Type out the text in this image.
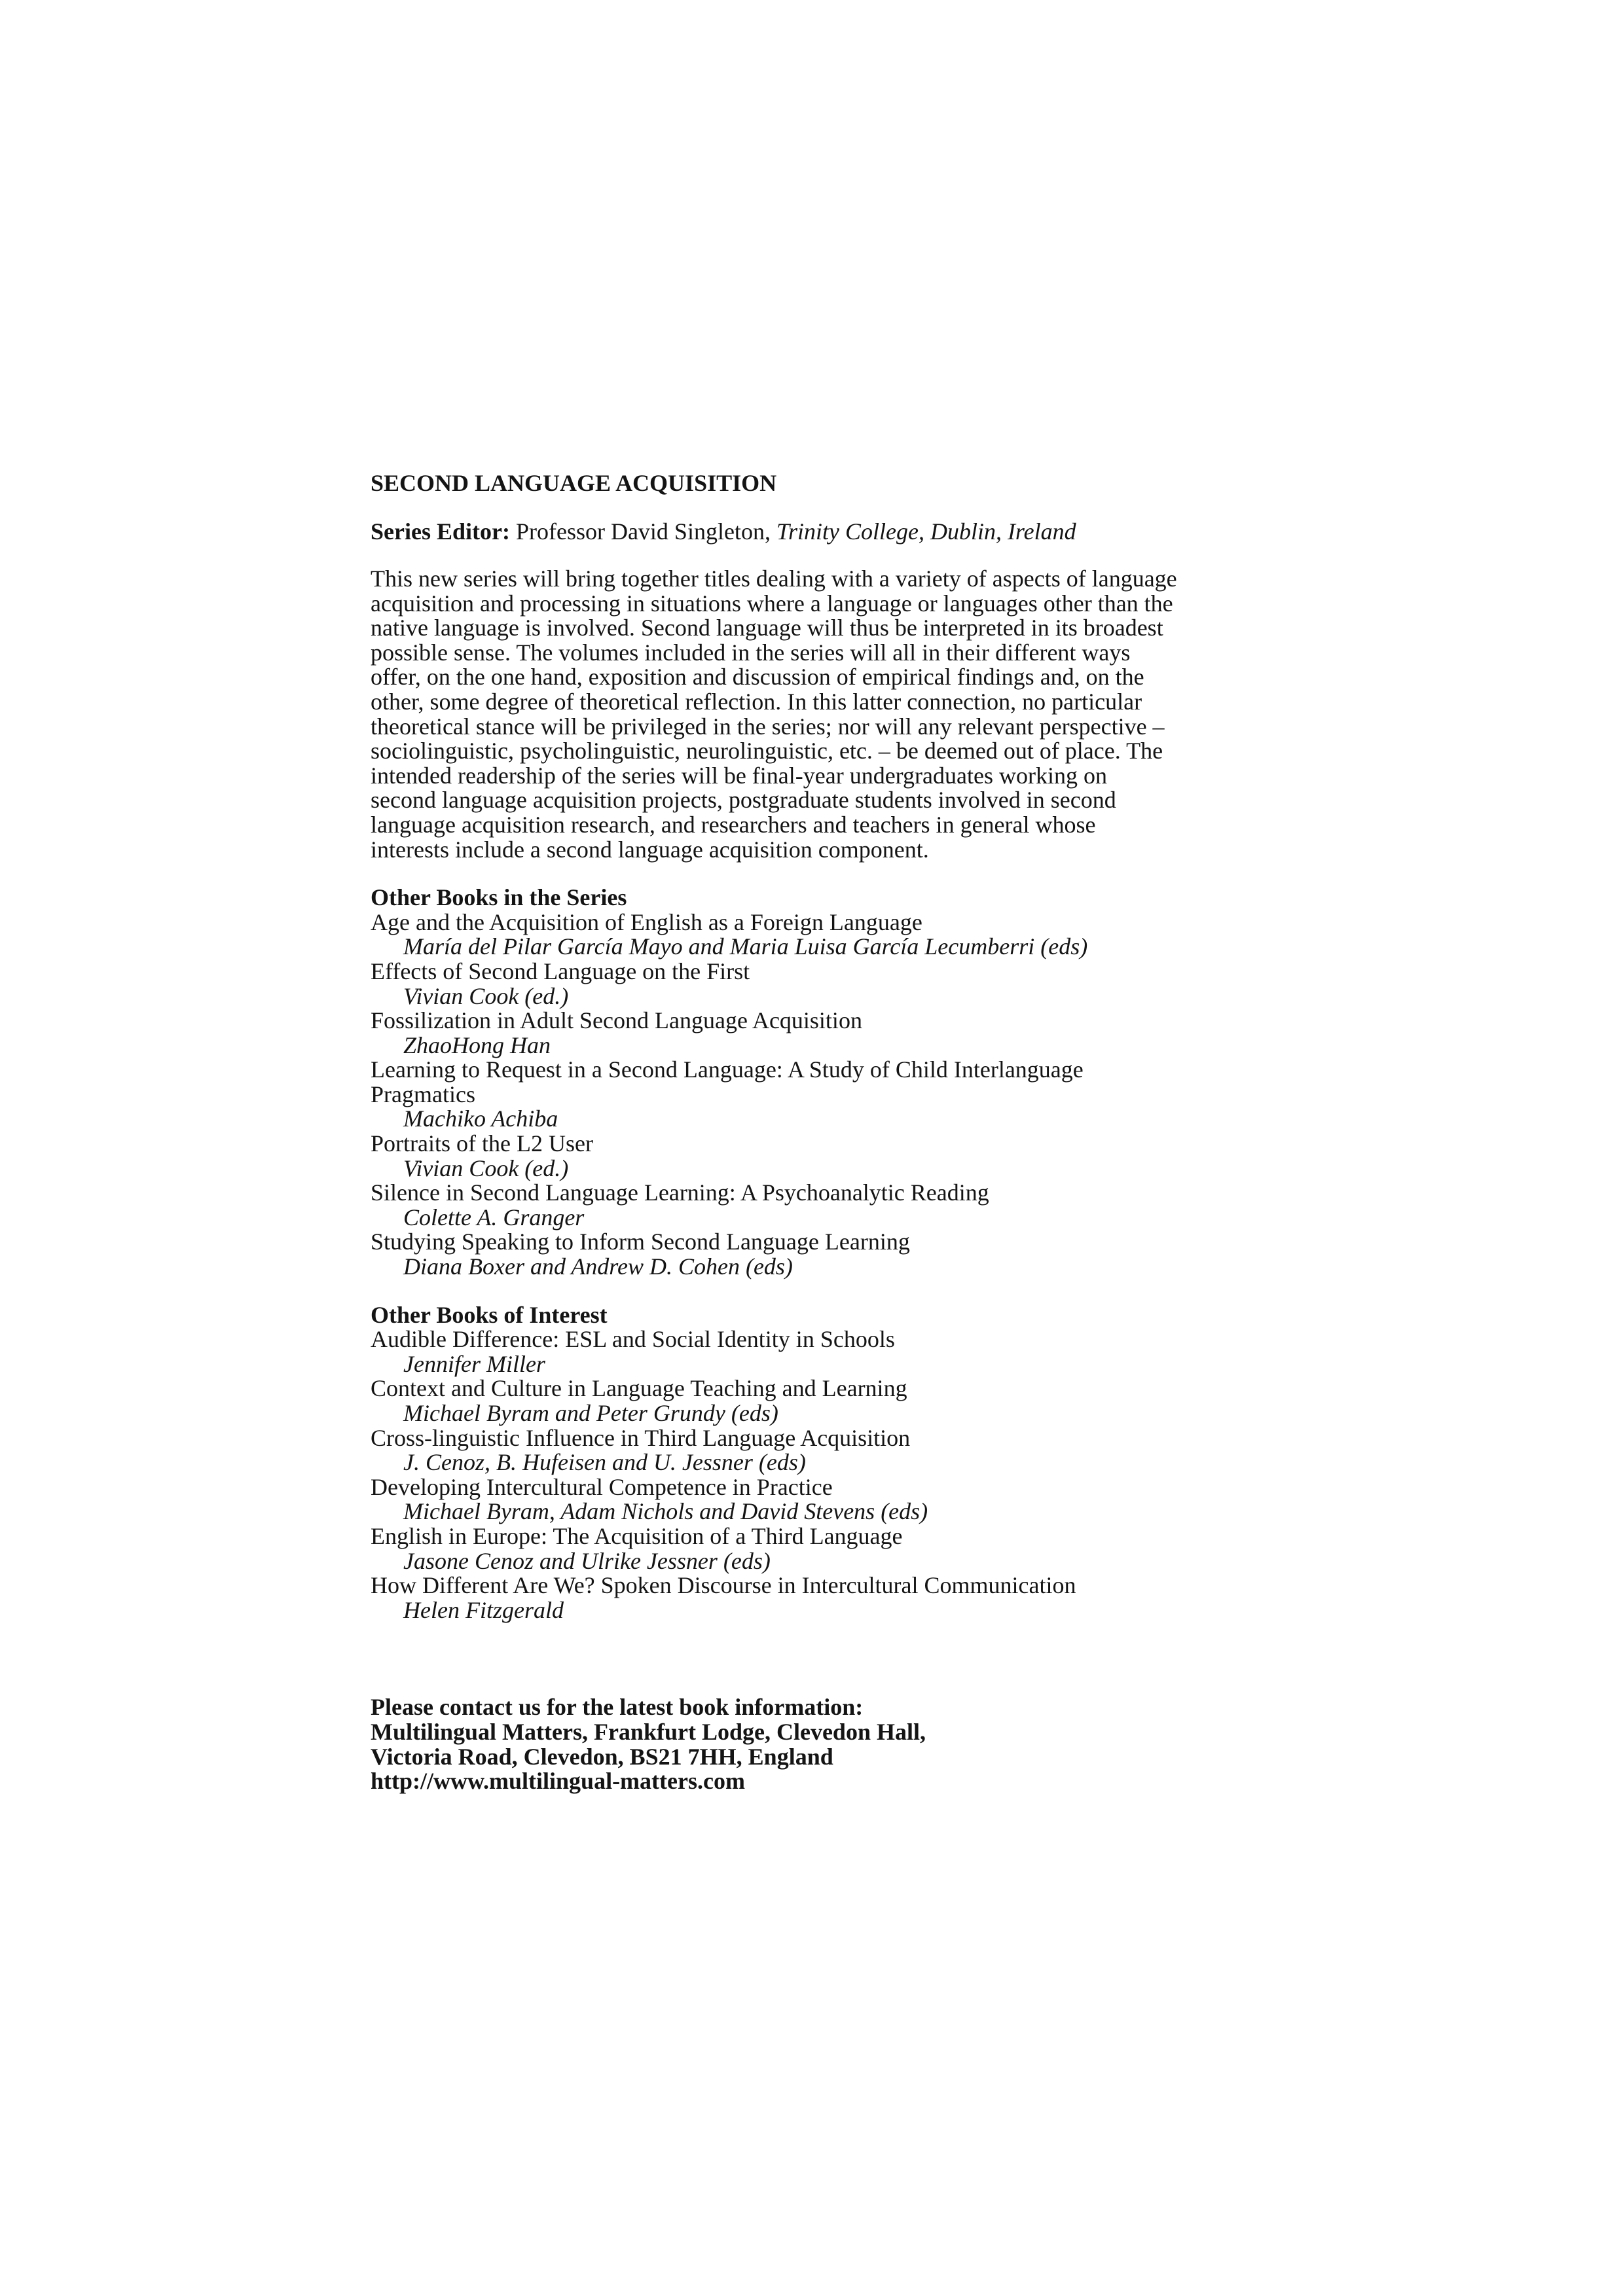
SECOND LANGUAGE ACQUISITION
Series Editor: Professor David Singleton, Trinity College, Dublin, Ireland
This new series will bring together titles dealing with a variety of aspects of language
acquisition and processing in situations where a language or languages other than the
native language is involved. Second language will thus be interpreted in its broadest
possible sense. The volumes included in the series will all in their different ways
offer, on the one hand, exposition and discussion of empirical findings and, on the
other, some degree of theoretical reflection. In this latter connection, no particular
theoretical stance will be privileged in the series; nor will any relevant perspective –
sociolinguistic, psycholinguistic, neurolinguistic, etc. – be deemed out of place. The
intended readership of the series will be final-year undergraduates working on
second language acquisition projects, postgraduate students involved in second
language acquisition research, and researchers and teachers in general whose
interests include a second language acquisition component.
Other Books in the Series
Age and the Acquisition of English as a Foreign Language
María del Pilar García Mayo and Maria Luisa García Lecumberri (eds)
Effects of Second Language on the First
Vivian Cook (ed.)
Fossilization in Adult Second Language Acquisition
ZhaoHong Han
Learning to Request in a Second Language: A Study of Child Interlanguage
Pragmatics
Machiko Achiba
Portraits of the L2 User
Vivian Cook (ed.)
Silence in Second Language Learning: A Psychoanalytic Reading
Colette A. Granger
Studying Speaking to Inform Second Language Learning
Diana Boxer and Andrew D. Cohen (eds)
Other Books of Interest
Audible Difference: ESL and Social Identity in Schools
Jennifer Miller
Context and Culture in Language Teaching and Learning
Michael Byram and Peter Grundy (eds)
Cross-linguistic Influence in Third Language Acquisition
J. Cenoz, B. Hufeisen and U. Jessner (eds)
Developing Intercultural Competence in Practice
Michael Byram, Adam Nichols and David Stevens (eds)
English in Europe: The Acquisition of a Third Language
Jasone Cenoz and Ulrike Jessner (eds)
How Different Are We? Spoken Discourse in Intercultural Communication
Helen Fitzgerald
Please contact us for the latest book information:
Multilingual Matters, Frankfurt Lodge, Clevedon Hall,
Victoria Road, Clevedon, BS21 7HH, England
http://www.multilingual-matters.com
